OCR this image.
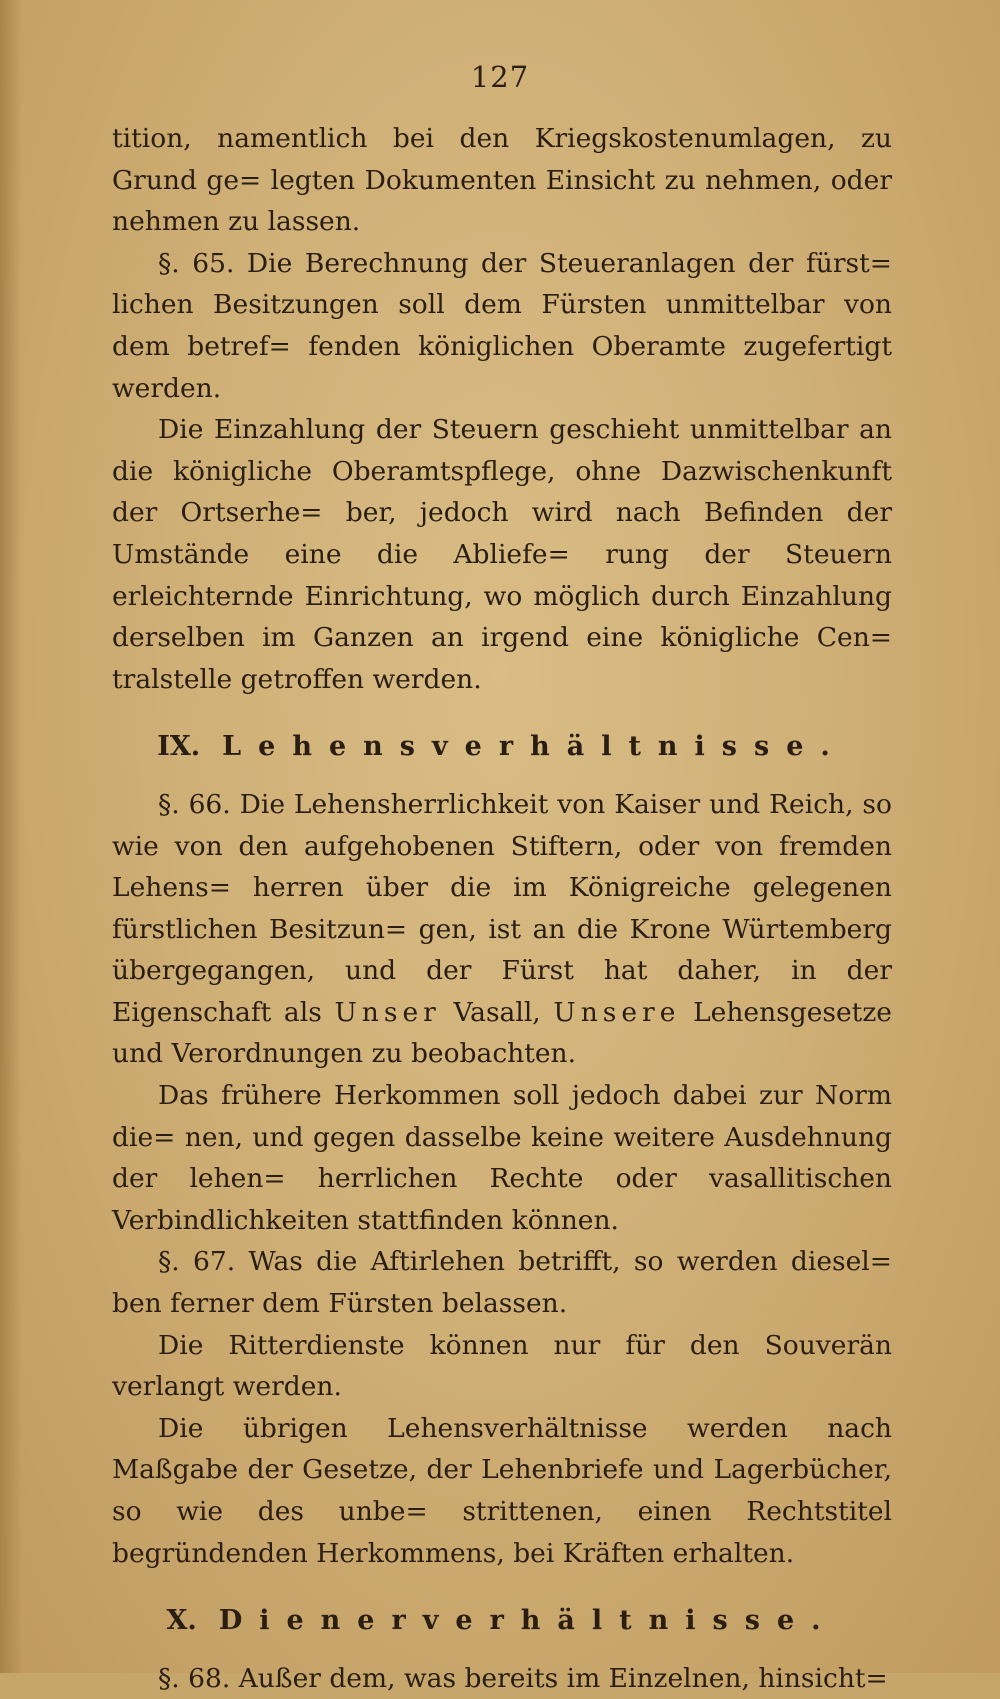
127

tition, namentlich bei den Kriegskostenumlagen, zu Grund ge= legten Dokumenten Einsicht zu nehmen, oder nehmen zu lassen.

§. 65. Die Berechnung der Steueranlagen der fürst= lichen Besitzungen soll dem Fürsten unmittelbar von dem betref= fenden königlichen Oberamte zugefertigt werden.

Die Einzahlung der Steuern geschieht unmittelbar an die königliche Oberamtspflege, ohne Dazwischenkunft der Ortserhe= ber, jedoch wird nach Befinden der Umstände eine die Abliefe= rung der Steuern erleichternde Einrichtung, wo möglich durch Einzahlung derselben im Ganzen an irgend eine königliche Cen= tralstelle getroffen werden.

IX. Lehensverhältnisse.

§. 66. Die Lehensherrlichkeit von Kaiser und Reich, so wie von den aufgehobenen Stiftern, oder von fremden Lehens= herren über die im Königreiche gelegenen fürstlichen Besitzun= gen, ist an die Krone Würtemberg übergegangen, und der Fürst hat daher, in der Eigenschaft als Unser Vasall, Unsere Lehensgesetze und Verordnungen zu beobachten.

Das frühere Herkommen soll jedoch dabei zur Norm die= nen, und gegen dasselbe keine weitere Ausdehnung der lehen= herrlichen Rechte oder vasallitischen Verbindlichkeiten stattfinden können.

§. 67. Was die Aftirlehen betrifft, so werden diesel= ben ferner dem Fürsten belassen.

Die Ritterdienste können nur für den Souverän verlangt werden.

Die übrigen Lehensverhältnisse werden nach Maßgabe der Gesetze, der Lehenbriefe und Lagerbücher, so wie des unbe= strittenen, einen Rechtstitel begründenden Herkommens, bei Kräften erhalten.

X. Dienerverhältnisse.

§. 68. Außer dem, was bereits im Einzelnen, hinsicht=
